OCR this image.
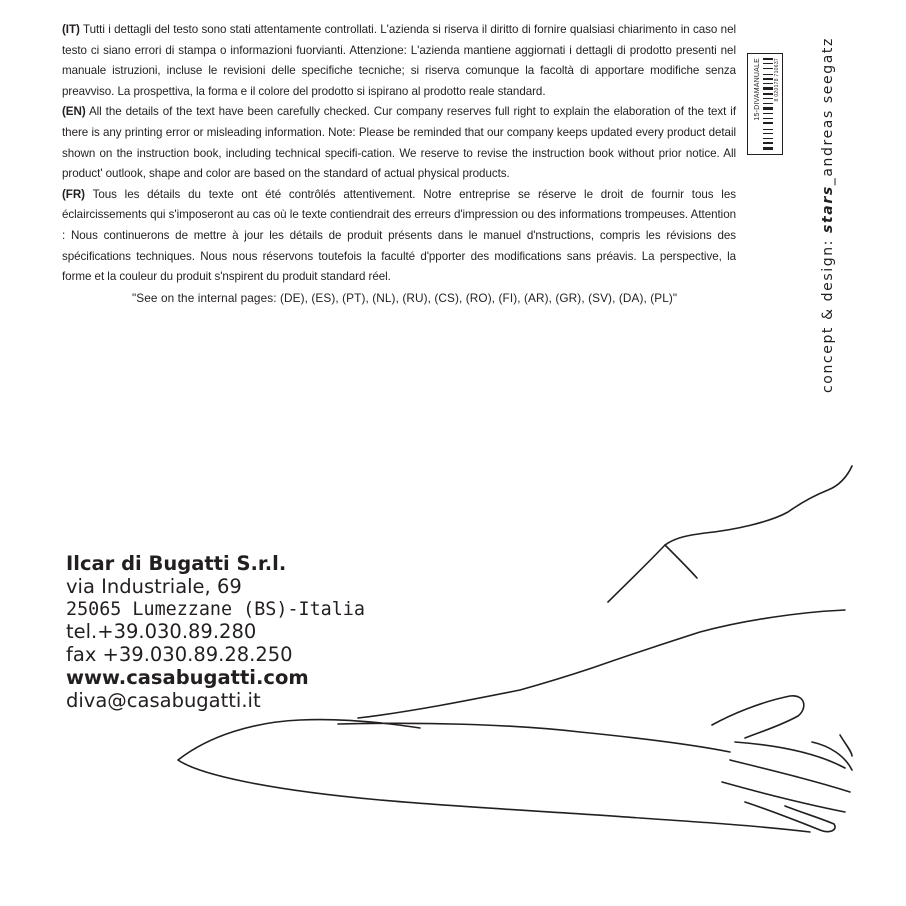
(IT) Tutti i dettagli del testo sono stati attentamente controllati. L'azienda si riserva il diritto di fornire qualsiasi chiarimento in caso nel testo ci siano errori di stampa o informazioni fuorvianti. Attenzione: L'azienda mantiene aggiornati i dettagli di prodotto presenti nel manuale istruzioni, incluse le revisioni delle specifiche tecniche; si riserva comunque la facoltà di apportare modifiche senza preavviso. La prospettiva, la forma e il colore del prodotto si ispirano al prodotto reale standard.

(EN) All the details of the text have been carefully checked. Cur company reserves full right to explain the elaboration of the text if there is any printing error or misleading information. Note: Please be reminded that our company keeps updated every product detail shown on the instruction book, including technical specifi-cation. We reserve to revise the instruction book without prior notice. All product' outlook, shape and color are based on the standard of actual physical products.

(FR) Tous les détails du texte ont été contrôlés attentivement. Notre entreprise se réserve le droit de fournir tous les éclaircissements qui s'imposeront au cas où le texte contiendrait des erreurs d'impression ou des informations trompeuses. Attention : Nous continuerons de mettre à jour les détails de produit présents dans le manuel d'nstructions, compris les révisions des spécifications techniques. Nous nous réservons toutefois la faculté d'pporter des modifications sans préavis. La perspective, la forme et la couleur du produit s'nspirent du produit standard réel.

"See on the internal pages: (DE), (ES), (PT), (NL), (RU), (CS), (RO), (FI), (AR), (GR), (SV), (DA), (PL)"

15-DIVAMANUALE	8 020178 710637
concept & design: stars_andreas seegatz
Ilcar di Bugatti S.r.l.
via Industriale, 69
25065 Lumezzane (BS)-Italia
tel.+39.030.89.280
fax +39.030.89.28.250
www.casabugatti.com
diva@casabugatti.it
